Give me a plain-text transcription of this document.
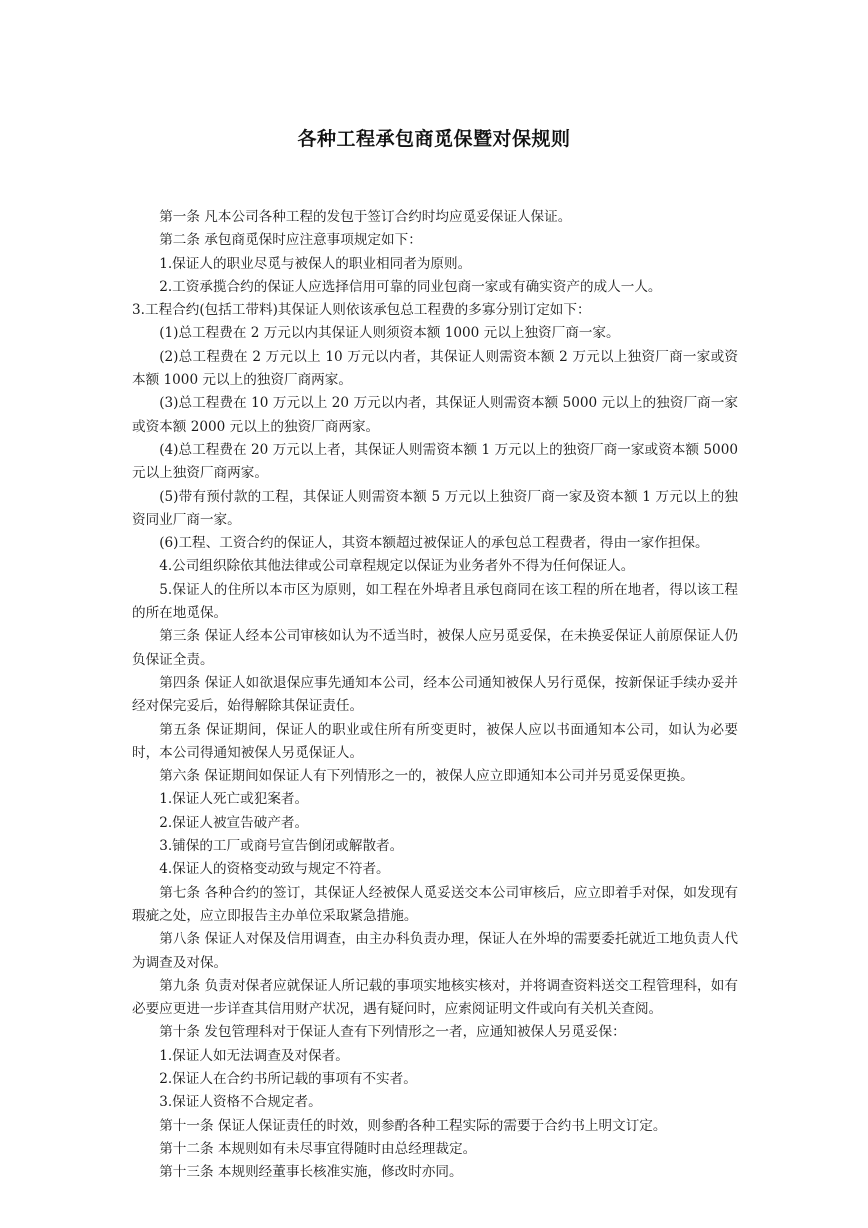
各种工程承包商觅保暨对保规则

第一条 凡本公司各种工程的发包于签订合约时均应觅妥保证人保证。

第二条 承包商觅保时应注意事项规定如下：

1.保证人的职业尽觅与被保人的职业相同者为原则。

2.工资承揽合约的保证人应选择信用可靠的同业包商一家或有确实资产的成人一人。

3.工程合约(包括工带料)其保证人则依该承包总工程费的多寡分别订定如下：

(1)总工程费在 2 万元以内其保证人则须资本额 1000 元以上独资厂商一家。

(2)总工程费在 2 万元以上 10 万元以内者，其保证人则需资本额 2 万元以上独资厂商一家或资本额 1000 元以上的独资厂商两家。

(3)总工程费在 10 万元以上 20 万元以内者，其保证人则需资本额 5000 元以上的独资厂商一家或资本额 2000 元以上的独资厂商两家。

(4)总工程费在 20 万元以上者，其保证人则需资本额 1 万元以上的独资厂商一家或资本额 5000 元以上独资厂商两家。

(5)带有预付款的工程，其保证人则需资本额 5 万元以上独资厂商一家及资本额 1 万元以上的独资同业厂商一家。

(6)工程、工资合约的保证人，其资本额超过被保证人的承包总工程费者，得由一家作担保。

4.公司组织除依其他法律或公司章程规定以保证为业务者外不得为任何保证人。

5.保证人的住所以本市区为原则，如工程在外埠者且承包商同在该工程的所在地者，得以该工程的所在地觅保。

第三条 保证人经本公司审核如认为不适当时，被保人应另觅妥保，在未换妥保证人前原保证人仍负保证全责。

第四条 保证人如欲退保应事先通知本公司，经本公司通知被保人另行觅保，按新保证手续办妥并经对保完妥后，始得解除其保证责任。

第五条 保证期间，保证人的职业或住所有所变更时，被保人应以书面通知本公司，如认为必要时，本公司得通知被保人另觅保证人。

第六条 保证期间如保证人有下列情形之一的，被保人应立即通知本公司并另觅妥保更换。

1.保证人死亡或犯案者。

2.保证人被宣告破产者。

3.铺保的工厂或商号宣告倒闭或解散者。

4.保证人的资格变动致与规定不符者。

第七条 各种合约的签订，其保证人经被保人觅妥送交本公司审核后，应立即着手对保，如发现有瑕疵之处，应立即报告主办单位采取紧急措施。

第八条 保证人对保及信用调查，由主办科负责办理，保证人在外埠的需要委托就近工地负责人代为调查及对保。

第九条 负责对保者应就保证人所记载的事项实地核实核对，并将调查资料送交工程管理科，如有必要应更进一步详查其信用财产状况，遇有疑问时，应索阅证明文件或向有关机关查阅。

第十条 发包管理科对于保证人查有下列情形之一者，应通知被保人另觅妥保：

1.保证人如无法调查及对保者。

2.保证人在合约书所记载的事项有不实者。

3.保证人资格不合规定者。

第十一条 保证人保证责任的时效，则参酌各种工程实际的需要于合约书上明文订定。

第十二条 本规则如有未尽事宜得随时由总经理裁定。

第十三条 本规则经董事长核准实施，修改时亦同。
